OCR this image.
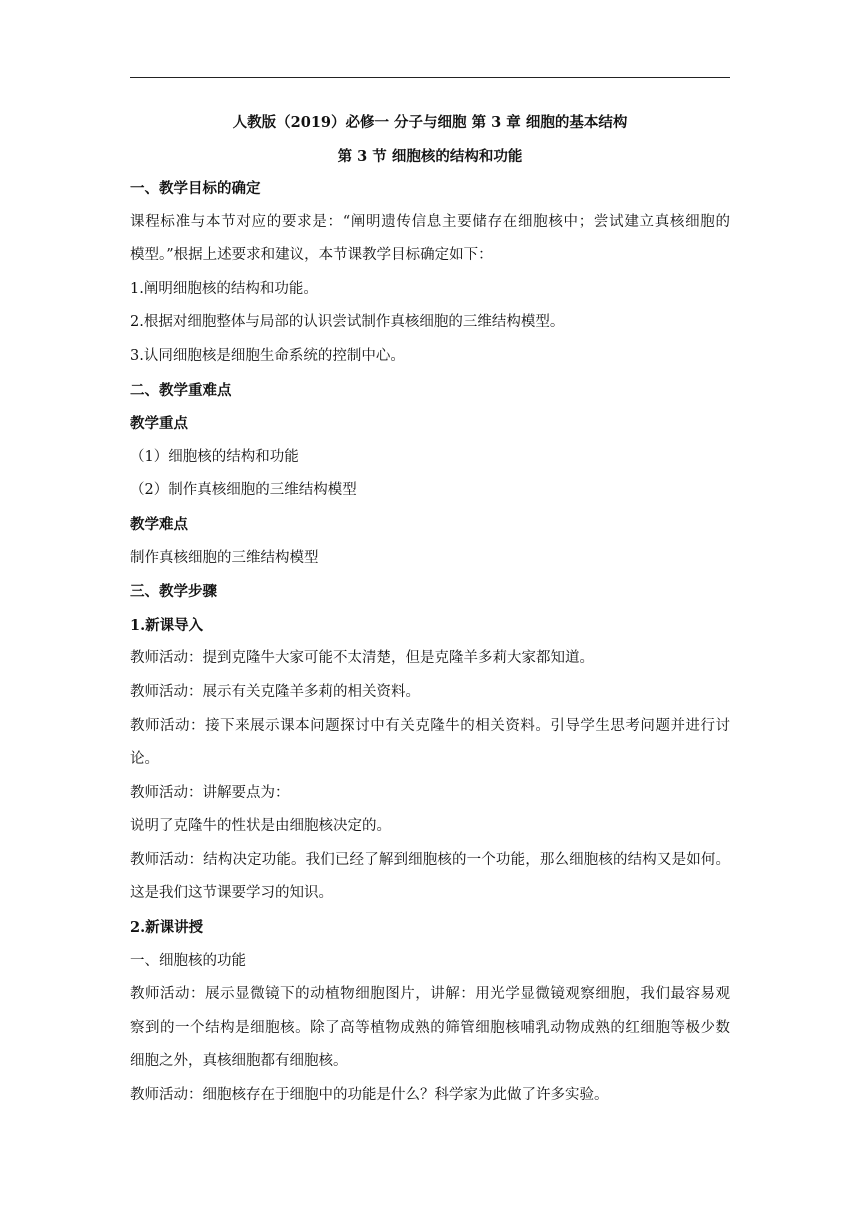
人教版（2019）必修一 分子与细胞 第 3 章 细胞的基本结构

第 3 节 细胞核的结构和功能

一、教学目标的确定

课程标准与本节对应的要求是：“阐明遗传信息主要储存在细胞核中；尝试建立真核细胞的

模型。”根据上述要求和建议，本节课教学目标确定如下：

1.阐明细胞核的结构和功能。

2.根据对细胞整体与局部的认识尝试制作真核细胞的三维结构模型。

3.认同细胞核是细胞生命系统的控制中心。

二、教学重难点

教学重点

（1）细胞核的结构和功能

（2）制作真核细胞的三维结构模型

教学难点

制作真核细胞的三维结构模型

三、教学步骤

1.新课导入

教师活动：提到克隆牛大家可能不太清楚，但是克隆羊多莉大家都知道。

教师活动：展示有关克隆羊多莉的相关资料。

教师活动：接下来展示课本问题探讨中有关克隆牛的相关资料。引导学生思考问题并进行讨

论。

教师活动：讲解要点为：

说明了克隆牛的性状是由细胞核决定的。

教师活动：结构决定功能。我们已经了解到细胞核的一个功能，那么细胞核的结构又是如何。

这是我们这节课要学习的知识。

2.新课讲授

一、细胞核的功能

教师活动：展示显微镜下的动植物细胞图片，讲解：用光学显微镜观察细胞，我们最容易观

察到的一个结构是细胞核。除了高等植物成熟的筛管细胞核哺乳动物成熟的红细胞等极少数

细胞之外，真核细胞都有细胞核。

教师活动：细胞核存在于细胞中的功能是什么？科学家为此做了许多实验。
